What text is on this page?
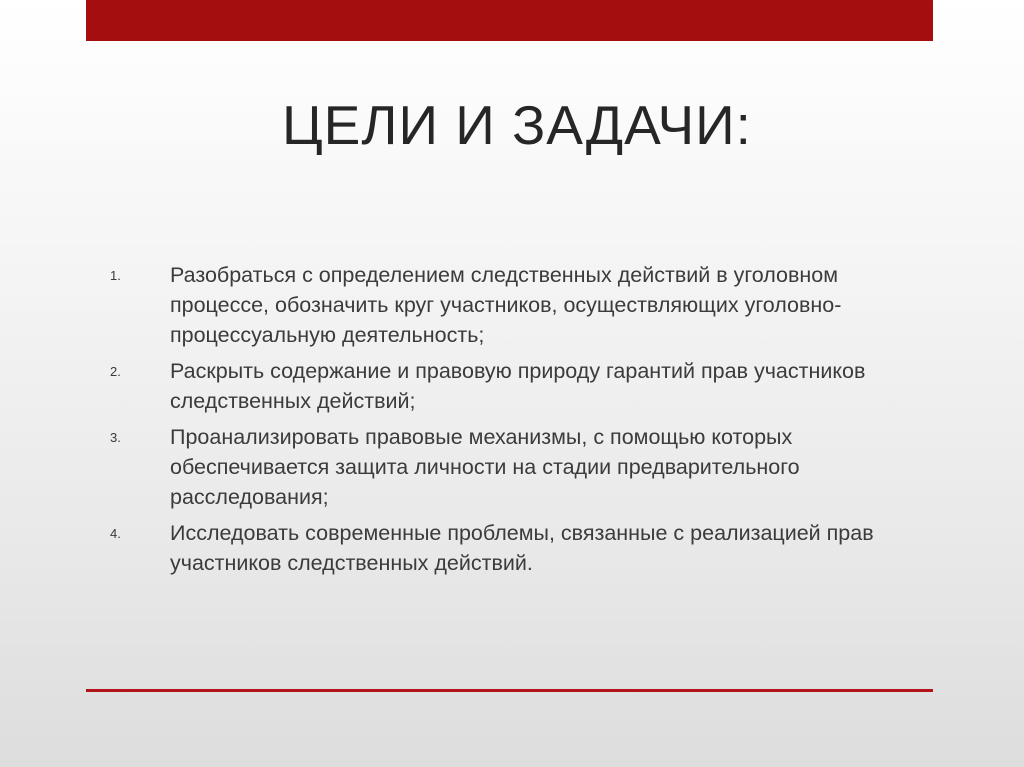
ЦЕЛИ И ЗАДАЧИ:
1. Разобраться с определением следственных действий в уголовном процессе, обозначить круг участников, осуществляющих уголовно-процессуальную деятельность;
2. Раскрыть содержание и правовую природу гарантий прав участников следственных действий;
3. Проанализировать правовые механизмы, с помощью которых обеспечивается защита личности на стадии предварительного расследования;
4. Исследовать современные проблемы, связанные с реализацией прав участников следственных действий.
